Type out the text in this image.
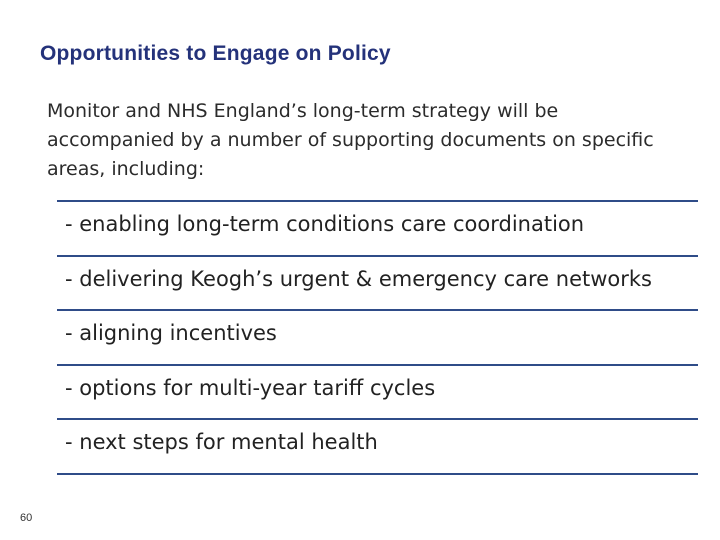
Opportunities to Engage on Policy

Monitor and NHS England’s long-term strategy will be accompanied by a number of supporting documents on specific areas, including:

- enabling long-term conditions care coordination
- delivering Keogh’s urgent & emergency care networks
- aligning incentives
- options for multi-year tariff cycles
- next steps for mental health
60
